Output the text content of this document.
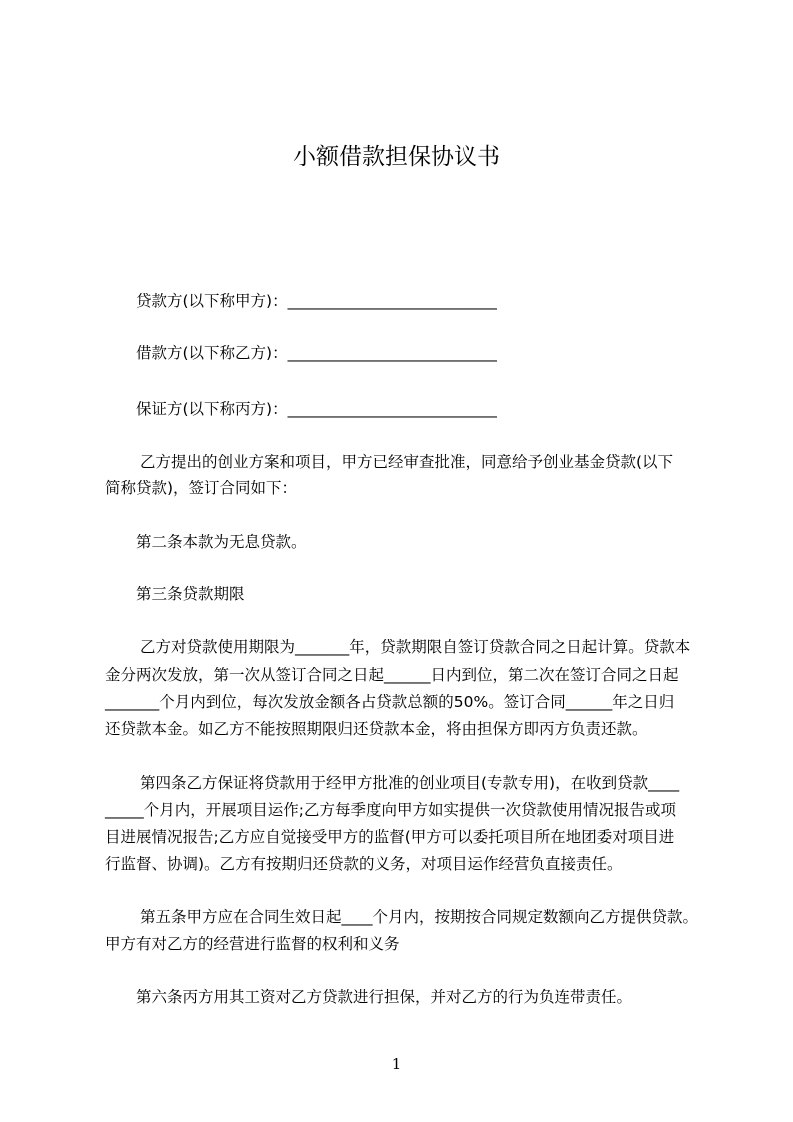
小额借款担保协议书
贷款方(以下称甲方)：___________________________
借款方(以下称乙方)：___________________________
保证方(以下称丙方)：___________________________
乙方提出的创业方案和项目，甲方已经审查批准，同意给予创业基金贷款(以下
简称贷款)，签订合同如下：
第二条本款为无息贷款。
第三条贷款期限
乙方对贷款使用期限为_______年，贷款期限自签订贷款合同之日起计算。贷款本
金分两次发放，第一次从签订合同之日起______日内到位，第二次在签订合同之日起
_______个月内到位，每次发放金额各占贷款总额的50%。签订合同______年之日归
还贷款本金。如乙方不能按照期限归还贷款本金，将由担保方即丙方负责还款。
第四条乙方保证将贷款用于经甲方批准的创业项目(专款专用)，在收到贷款____
_____个月内，开展项目运作;乙方每季度向甲方如实提供一次贷款使用情况报告或项
目进展情况报告;乙方应自觉接受甲方的监督(甲方可以委托项目所在地团委对项目进
行监督、协调)。乙方有按期归还贷款的义务，对项目运作经营负直接责任。
第五条甲方应在合同生效日起____个月内，按期按合同规定数额向乙方提供贷款。
甲方有对乙方的经营进行监督的权利和义务
第六条丙方用其工资对乙方贷款进行担保，并对乙方的行为负连带责任。
1
